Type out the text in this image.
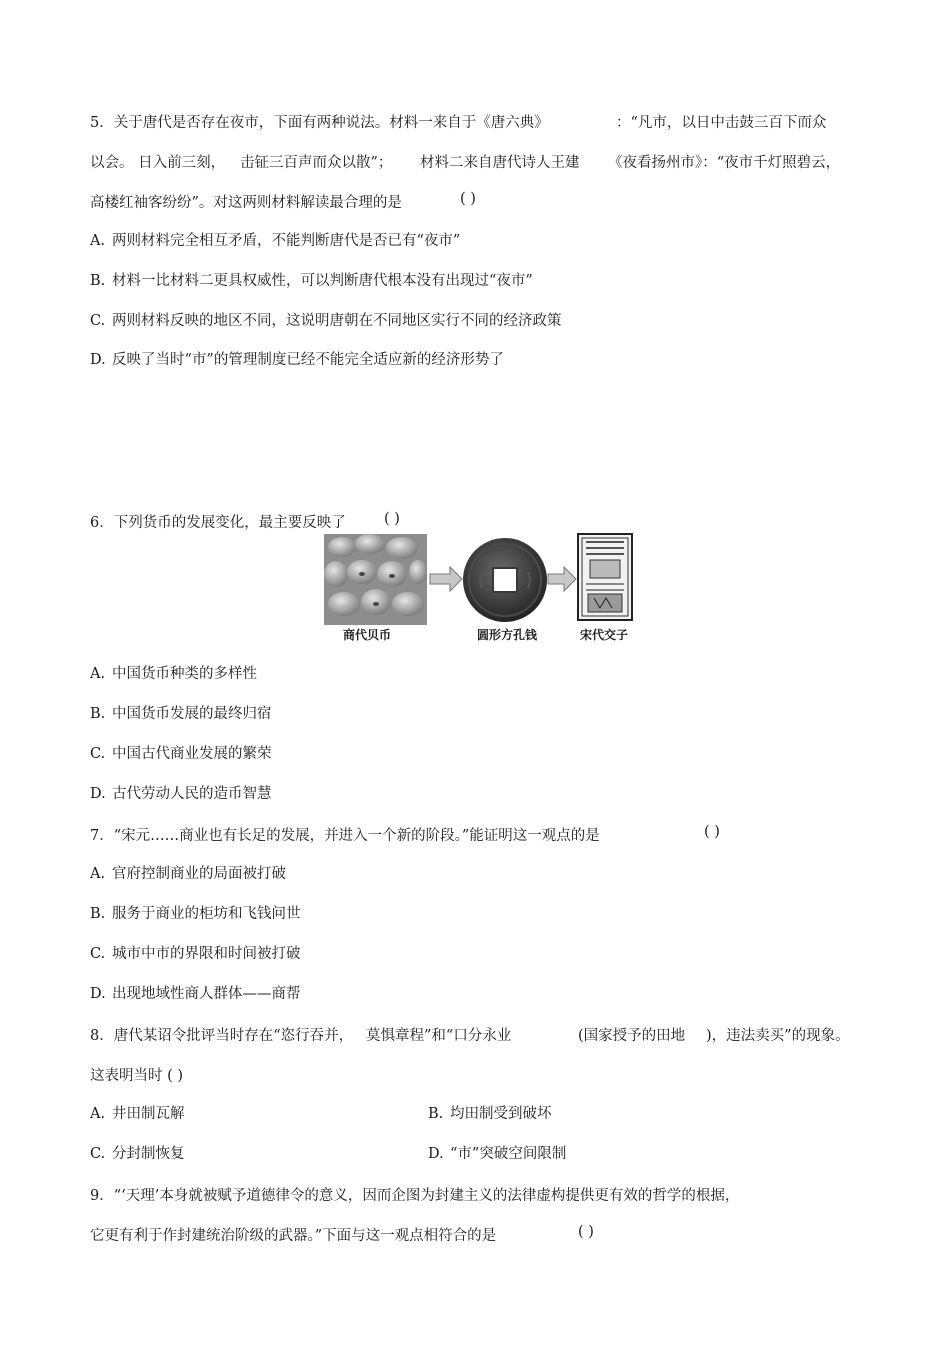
5．关于唐代是否存在夜市，下面有两种说法。材料一来自于《唐六典》	：“凡市，以日中击鼓三百下而众
以会。 日入前三刻， 击钲三百声而众以散”； 材料二来自唐代诗人王建 《夜看扬州市》：“夜市千灯照碧云，
高楼红袖客纷纷”。对这两则材料解读最合理的是	( )
A. 两则材料完全相互矛盾，不能判断唐代是否已有“夜市”
B. 材料一比材料二更具权威性，可以判断唐代根本没有出现过“夜市”
C. 两则材料反映的地区不同，这说明唐朝在不同地区实行不同的经济政策
D. 反映了当时“市”的管理制度已经不能完全适应新的经济形势了
6．下列货币的发展变化，最主要反映了	( )
商代贝币	圆形方孔钱	宋代交子
A. 中国货币种类的多样性
B. 中国货币发展的最终归宿
C. 中国古代商业发展的繁荣
D. 古代劳动人民的造币智慧
7．“宋元……商业也有长足的发展，并进入一个新的阶段。”能证明这一观点的是	( )
A. 官府控制商业的局面被打破
B. 服务于商业的柜坊和飞钱问世
C. 城市中市的界限和时间被打破
D. 出现地域性商人群体——商帮
8．唐代某诏令批评当时存在“恣行吞并， 莫惧章程”和“口分永业	(国家授予的田地 )，违法卖买”的现象。
这表明当时 ( )
A. 井田制瓦解	B. 均田制受到破坏
C. 分封制恢复	D. “市”突破空间限制
9．“‘天理’本身就被赋予道德律令的意义，因而企图为封建主义的法律虚构提供更有效的哲学的根据，
它更有利于作封建统治阶级的武器。”下面与这一观点相符合的是	( )
